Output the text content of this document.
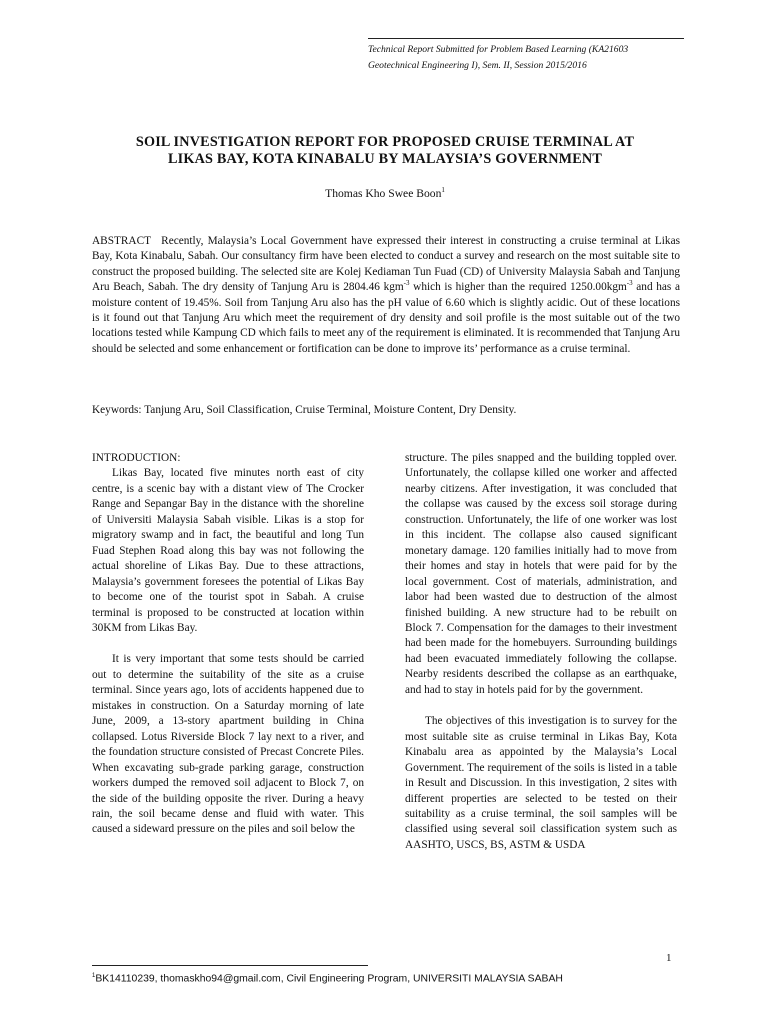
Technical Report Submitted for Problem Based Learning (KA21603
Geotechnical Engineering I), Sem. II, Session 2015/2016
SOIL INVESTIGATION REPORT FOR PROPOSED CRUISE TERMINAL AT
LIKAS BAY, KOTA KINABALU BY MALAYSIA’S GOVERNMENT
Thomas Kho Swee Boon$^1$
ABSTRACT Recently, Malaysia’s Local Government have expressed their interest in constructing a cruise terminal at Likas Bay, Kota Kinabalu, Sabah. Our consultancy firm have been elected to conduct a survey and research on the most suitable site to construct the proposed building. The selected site are Kolej Kediaman Tun Fuad (CD) of University Malaysia Sabah and Tanjung Aru Beach, Sabah. The dry density of Tanjung Aru is 2804.46 kgm$^{-3}$ which is higher than the required 1250.00kgm$^{-3}$ and has a moisture content of 19.45%. Soil from Tanjung Aru also has the pH value of 6.60 which is slightly acidic. Out of these locations is it found out that Tanjung Aru which meet the requirement of dry density and soil profile is the most suitable out of the two locations tested while Kampung CD which fails to meet any of the requirement is eliminated. It is recommended that Tanjung Aru should be selected and some enhancement or fortification can be done to improve its’ performance as a cruise terminal.
Keywords: Tanjung Aru, Soil Classification, Cruise Terminal, Moisture Content, Dry Density.

INTRODUCTION:

Likas Bay, located five minutes north east of city centre, is a scenic bay with a distant view of The Crocker Range and Sepangar Bay in the distance with the shoreline of Universiti Malaysia Sabah visible. Likas is a stop for migratory swamp and in fact, the beautiful and long Tun Fuad Stephen Road along this bay was not following the actual shoreline of Likas Bay. Due to these attractions, Malaysia’s government foresees the potential of Likas Bay to become one of the tourist spot in Sabah. A cruise terminal is proposed to be constructed at location within 30KM from Likas Bay.

It is very important that some tests should be carried out to determine the suitability of the site as a cruise terminal. Since years ago, lots of accidents happened due to mistakes in construction. On a Saturday morning of late June, 2009, a 13-story apartment building in China collapsed. Lotus Riverside Block 7 lay next to a river, and the foundation structure consisted of Precast Concrete Piles. When excavating sub-grade parking garage, construction workers dumped the removed soil adjacent to Block 7, on the side of the building opposite the river. During a heavy rain, the soil became dense and fluid with water. This caused a sideward pressure on the piles and soil below the

structure. The piles snapped and the building toppled over. Unfortunately, the collapse killed one worker and affected nearby citizens. After investigation, it was concluded that the collapse was caused by the excess soil storage during construction. Unfortunately, the life of one worker was lost in this incident. The collapse also caused significant monetary damage. 120 families initially had to move from their homes and stay in hotels that were paid for by the local government. Cost of materials, administration, and labor had been wasted due to destruction of the almost finished building. A new structure had to be rebuilt on Block 7. Compensation for the damages to their investment had been made for the homebuyers. Surrounding buildings had been evacuated immediately following the collapse. Nearby residents described the collapse as an earthquake, and had to stay in hotels paid for by the government.

The objectives of this investigation is to survey for the most suitable site as cruise terminal in Likas Bay, Kota Kinabalu area as appointed by the Malaysia’s Local Government. The requirement of the soils is listed in a table in Result and Discussion. In this investigation, 2 sites with different properties are selected to be tested on their suitability as a cruise terminal, the soil samples will be classified using several soil classification system such as AASHTO, USCS, BS, ASTM & USDA

1
$^1$BK14110239, thomaskho94@gmail.com, Civil Engineering Program, UNIVERSITI MALAYSIA SABAH
